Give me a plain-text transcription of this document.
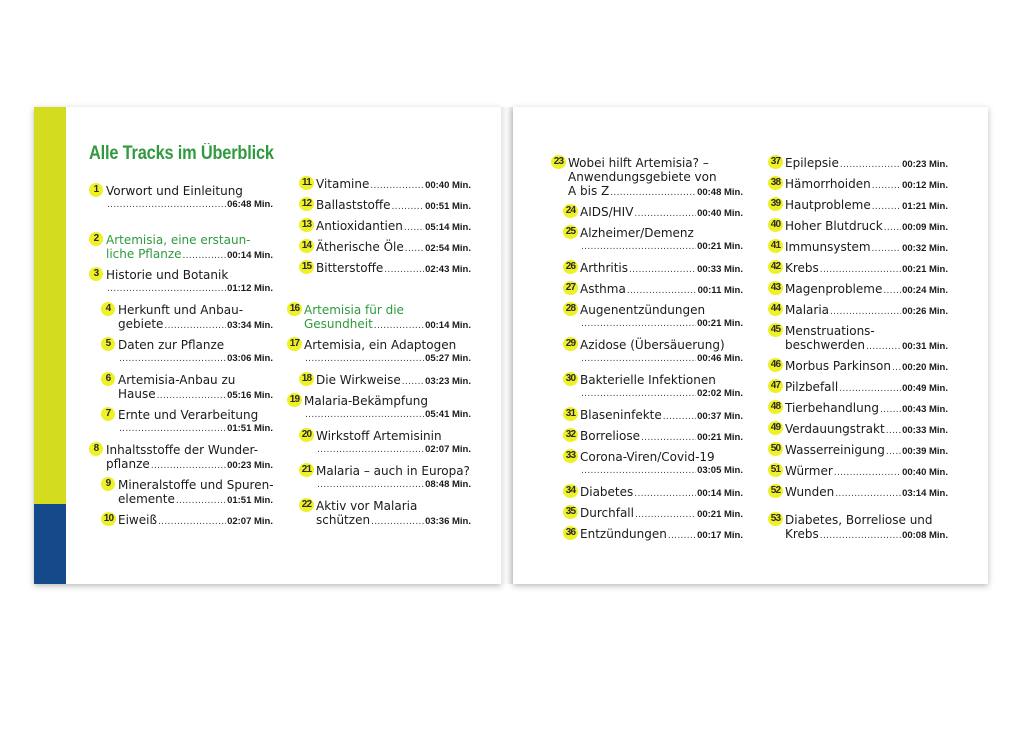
Alle Tracks im Überblick
1 Vorwort und Einleitung
.....
06:48 Min.
2 Artemisia, eine erstaun-
liche Pflanze .....	00:14 Min.
3 Historie und Botanik
.....
01:12 Min.
4 Herkunft und Anbau-
gebiete .....	03:34 Min.
5 Daten zur Pflanze
.....
03:06 Min.
6 Artemisia-Anbau zu
Hause .....	05:16 Min.
7 Ernte und Verarbeitung
.....
01:51 Min.
8 Inhaltsstoffe der Wunder-
pflanze .....	00:23 Min.
9 Mineralstoffe und Spuren-
elemente .....	01:51 Min.
10 Eiweiß .....	02:07 Min.
11 Vitamine .....	00:40 Min.
12 Ballaststoffe .....	00:51 Min.
13 Antioxidantien ..... 05:14 Min.
14 Ätherische Öle ..... 02:54 Min.
15 Bitterstoffe .....	02:43 Min.
16 Artemisia für die
Gesundheit .....	00:14 Min.
17 Artemisia, ein Adaptogen
.....
05:27 Min.
18 Die Wirkweise .....	03:23 Min.
19 Malaria-Bekämpfung
.....
05:41 Min.
20 Wirkstoff Artemisinin
.....
02:07 Min.
21 Malaria – auch in Europa?
.....
08:48 Min.
22 Aktiv vor Malaria
schützen .....	03:36 Min.
23 Wobei hilft Artemisia? –
Anwendungsgebiete von
A bis Z .....	00:48 Min.
24 AIDS/HIV .....	00:40 Min.
25 Alzheimer/Demenz
.....
00:21 Min.
26 Arthritis .....	00:33 Min.
27 Asthma .....	00:11 Min.
28 Augenentzündungen
.....
00:21 Min.
29 Azidose (Übersäuerung)
.....
00:46 Min.
30 Bakterielle Infektionen
.....
02:02 Min.
31 Blaseninfekte .....	00:37 Min.
32 Borreliose .....	00:21 Min.
33 Corona-Viren/Covid-19
.....
03:05 Min.
34 Diabetes .....	00:14 Min.
35 Durchfall .....	00:21 Min.
36 Entzündungen .....	00:17 Min.
37 Epilepsie .....	00:23 Min.
38 Hämorrhoiden .....	00:12 Min.
39 Hautprobleme .....	01:21 Min.
40 Hoher Blutdruck ..... 00:09 Min.
41 Immunsystem .....	00:32 Min.
42 Krebs .....	00:21 Min.
43 Magenprobleme ..... 00:24 Min.
44 Malaria .....	00:26 Min.
45 Menstruations-
beschwerden .....	00:31 Min.
46 Morbus Parkinson ..... 00:20 Min.
47 Pilzbefall .....	00:49 Min.
48 Tierbehandlung ..... 00:43 Min.
49 Verdauungstrakt ..... 00:33 Min.
50 Wasserreinigung ..... 00:39 Min.
51 Würmer .....	00:40 Min.
52 Wunden .....	03:14 Min.
53 Diabetes, Borreliose und
Krebs .....	00:08 Min.
